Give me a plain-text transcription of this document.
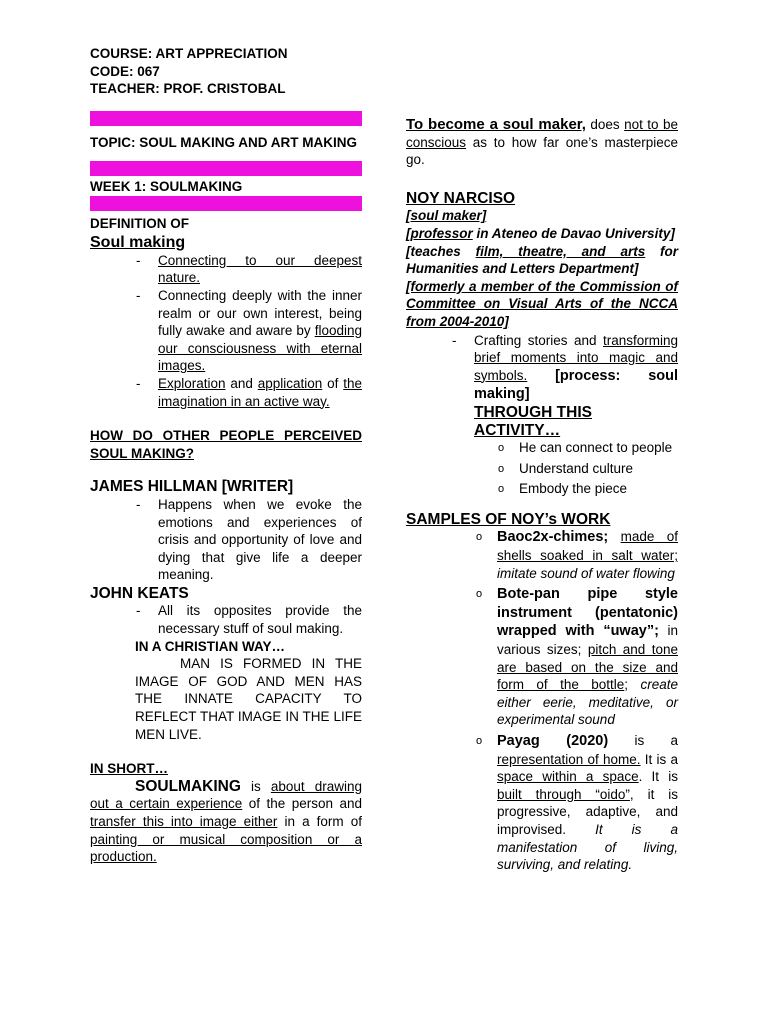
COURSE: ART APPRECIATION
CODE: 067
TEACHER: PROF. CRISTOBAL
TOPIC: SOUL MAKING AND ART MAKING
WEEK 1: SOULMAKING
DEFINITION OF
Soul making
- Connecting to our deepest nature.
- Connecting deeply with the inner realm or our own interest, being fully awake and aware by flooding our consciousness with eternal images.
- Exploration and application of the imagination in an active way.
HOW DO OTHER PEOPLE PERCEIVED SOUL MAKING?
JAMES HILLMAN [WRITER]
- Happens when we evoke the emotions and experiences of crisis and opportunity of love and dying that give life a deeper meaning.
JOHN KEATS
- All its opposites provide the necessary stuff of soul making.
IN A CHRISTIAN WAY…
MAN IS FORMED IN THE IMAGE OF GOD AND MEN HAS THE INNATE CAPACITY TO REFLECT THAT IMAGE IN THE LIFE MEN LIVE.
IN SHORT…
SOULMAKING is about drawing out a certain experience of the person and transfer this into image either in a form of painting or musical composition or a production.
To become a soul maker, does not to be conscious as to how far one’s masterpiece go.
NOY NARCISO
[soul maker]
[professor in Ateneo de Davao University]
[teaches film, theatre, and arts for Humanities and Letters Department]
[formerly a member of the Commission of Committee on Visual Arts of the NCCA from 2004-2010]
- Crafting stories and transforming brief moments into magic and symbols. [process: soul making]
THROUGH THIS ACTIVITY…
o He can connect to people
o Understand culture
o Embody the piece
SAMPLES OF NOY’s WORK
o Baoc2x-chimes; made of shells soaked in salt water; imitate sound of water flowing
o Bote-pan pipe style instrument (pentatonic) wrapped with “uway”; in various sizes; pitch and tone are based on the size and form of the bottle; create either eerie, meditative, or experimental sound
o Payag (2020) is a representation of home. It is a space within a space. It is built through “oido”, it is progressive, adaptive, and improvised. It is a manifestation of living, surviving, and relating.
